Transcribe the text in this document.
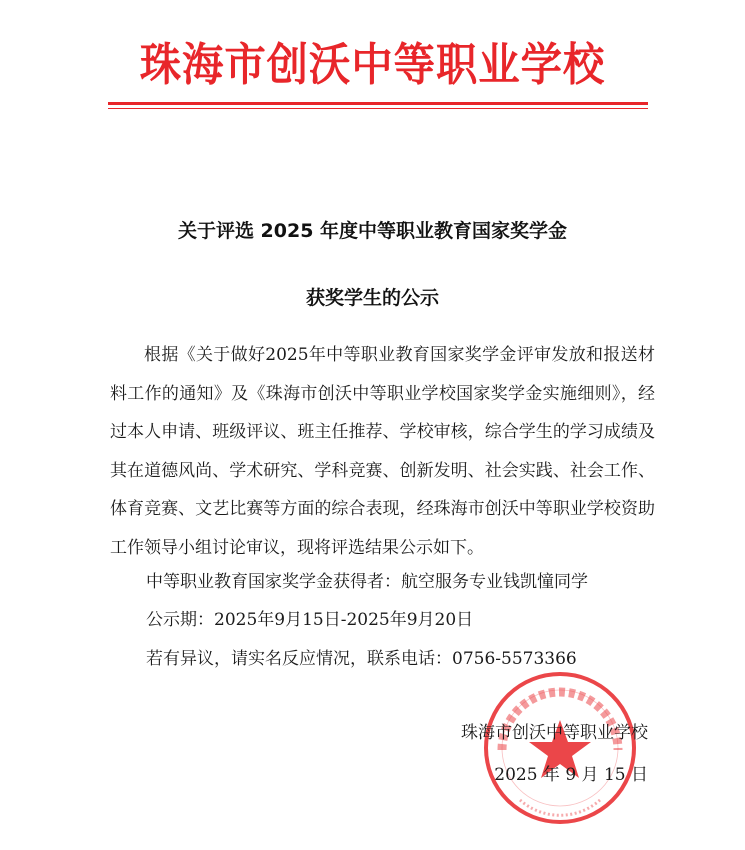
珠海市创沃中等职业学校
关于评选 2025 年度中等职业教育国家奖学金
获奖学生的公示
根据《关于做好2025年中等职业教育国家奖学金评审发放和报送材料工作的通知》及《珠海市创沃中等职业学校国家奖学金实施细则》，经过本人申请、班级评议、班主任推荐、学校审核，综合学生的学习成绩及其在道德风尚、学术研究、学科竞赛、创新发明、社会实践、社会工作、体育竞赛、文艺比赛等方面的综合表现，经珠海市创沃中等职业学校资助工作领导小组讨论审议，现将评选结果公示如下。
中等职业教育国家奖学金获得者：航空服务专业钱凯憧同学
公示期：2025年9月15日-2025年9月20日
若有异议，请实名反应情况，联系电话：0756-5573366
珠海市创沃中等职业学校
2025 年 9 月 15 日
